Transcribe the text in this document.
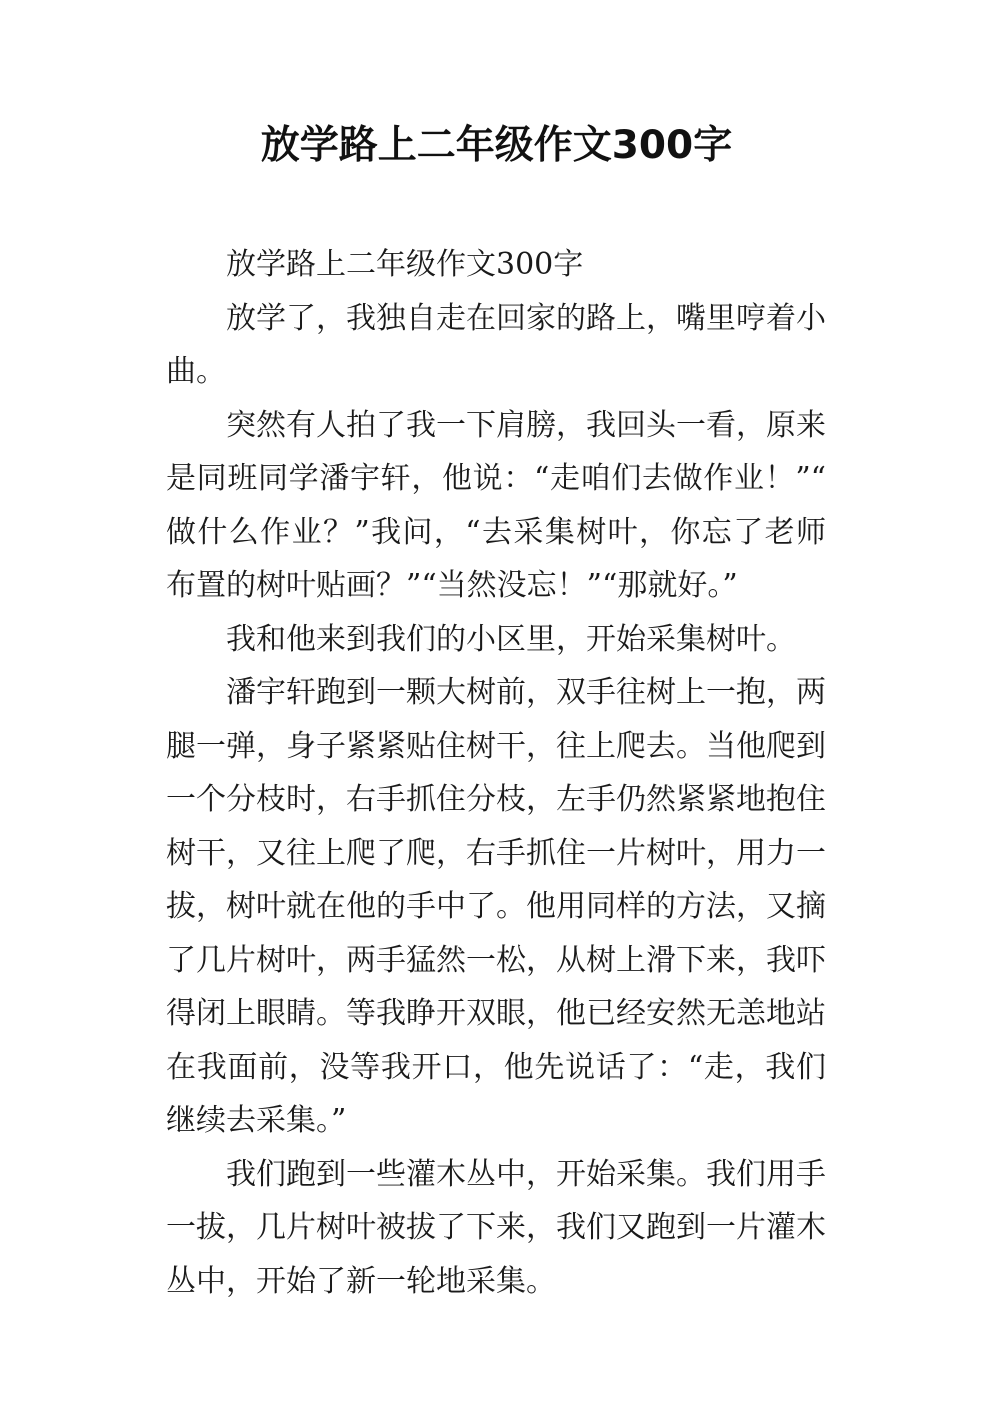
放学路上二年级作文300字

放学路上二年级作文300字

放学了，我独自走在回家的路上，嘴里哼着小曲。

突然有人拍了我一下肩膀，我回头一看，原来是同班同学潘宇轩，他说：“走咱们去做作业！”“做什么作业？”我问，“去采集树叶，你忘了老师布置的树叶贴画？”“当然没忘！”“那就好。”

我和他来到我们的小区里，开始采集树叶。

潘宇轩跑到一颗大树前，双手往树上一抱，两腿一弹，身子紧紧贴住树干，往上爬去。当他爬到一个分枝时，右手抓住分枝，左手仍然紧紧地抱住树干，又往上爬了爬，右手抓住一片树叶，用力一拔，树叶就在他的手中了。他用同样的方法，又摘了几片树叶，两手猛然一松，从树上滑下来，我吓得闭上眼睛。等我睁开双眼，他已经安然无恙地站在我面前，没等我开口，他先说话了：“走，我们继续去采集。”

我们跑到一些灌木丛中，开始采集。我们用手一拔，几片树叶被拔了下来，我们又跑到一片灌木丛中，开始了新一轮地采集。
